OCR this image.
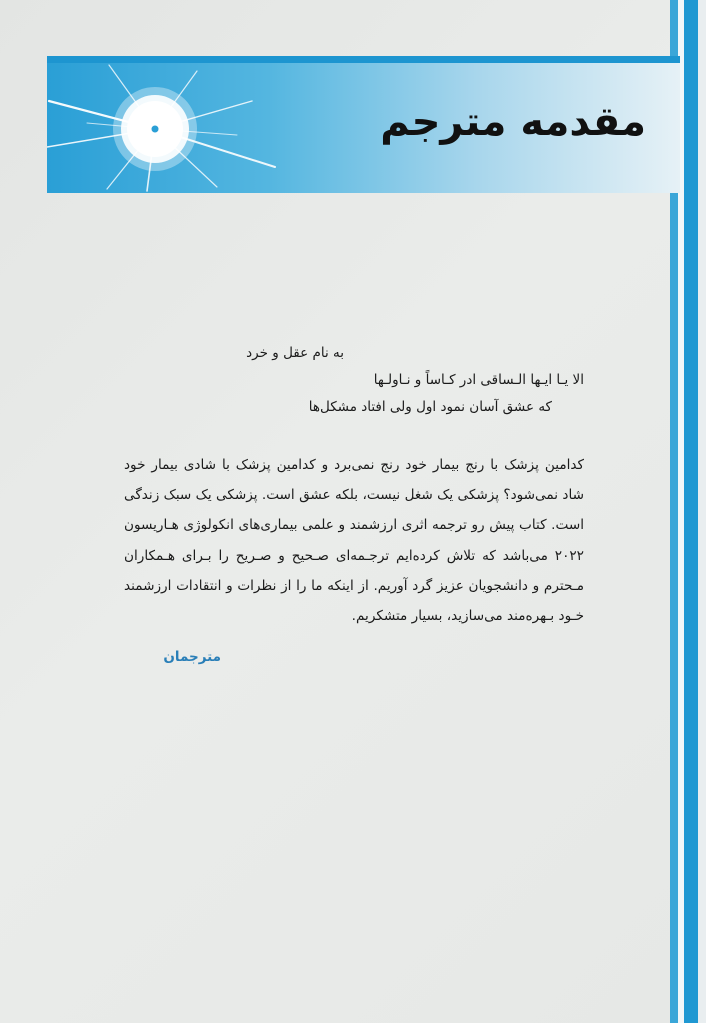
مقدمه مترجم
به نام عقل و خرد
الا یـا ایـها الـساقی ادر کـاساً و نـاولـها
که عشق آسان نمود اول ولی افتاد مشکل‌ها
کدامین پزشک با رنج بیمار خود رنج نمی‌برد و کدامین پزشک با شادی بیمار خود شاد نمی‌شود؟ پزشکی یک شغل نیست، بلکه عشق است. پزشکی یک سبک زندگی است. کتاب پیش رو ترجمه اثری ارزشمند و علمی بیماری‌های انکولوژی هـاریسون ۲۰۲۲ می‌باشد که تلاش کرده‌ایم ترجـمه‌ای صـحیح و صـریح را بـرای هـمکاران مـحترم و دانشجویان عزیز گرد آوریم. از اینکه ما را از نظرات و انتقادات ارزشمند خـود بـهره‌مند می‌سازید، بسیار متشکریم.
مترجمان
